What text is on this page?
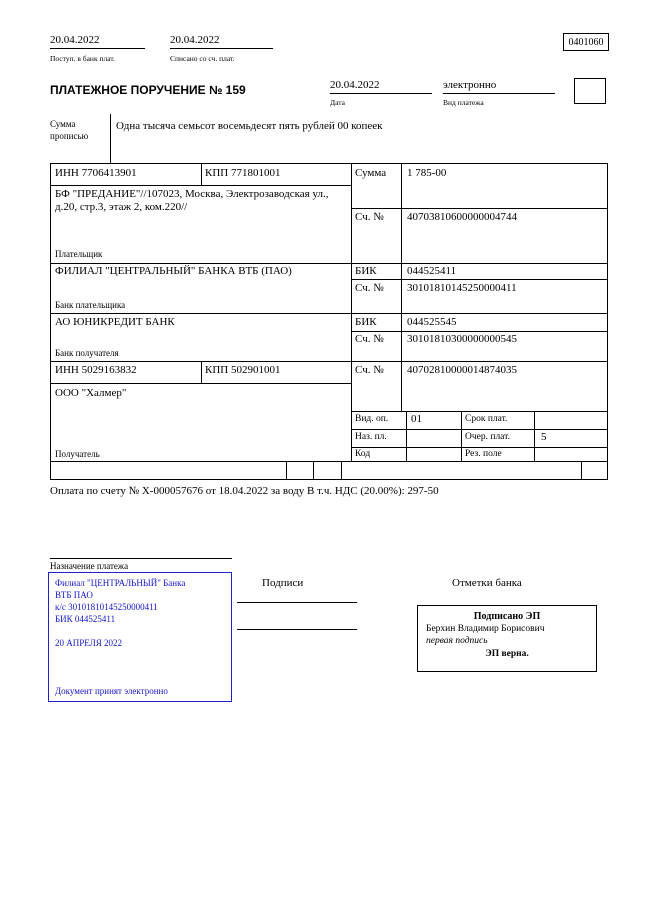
20.04.2022
Поступ. в банк плат.
20.04.2022
Списано со сч. плат.
0401060
ПЛАТЕЖНОЕ ПОРУЧЕНИЕ № 159	20.04.2022
Дата
электронно
Вид платежа
Сумма
прописью
Одна тысяча семьсот восемьдесят пять рублей 00 копеек
ИНН 7706413901	КПП 771801001	Сумма 1 785-00
БФ "ПРЕДАНИЕ"//107023, Москва, Электрозаводская ул., д.20, стр.3, этаж 2, ком.220//
Сч. № 40703810600000004744
Плательщик
ФИЛИАЛ "ЦЕНТРАЛЬНЫЙ" БАНКА ВТБ (ПАО)	БИК	044525411
Сч. № 30101810145250000411
Банк плательщика
АО ЮНИКРЕДИТ БАНК	БИК	044525545
Сч. № 30101810300000000545
Банк получателя
ИНН 5029163832	КПП 502901001	Сч. № 40702810000014874035
ООО "Халмер"
Получатель
Вид. оп. 01	Срок плат.
Наз. пл.	Очер. плат.	5
Код	Рез. поле
Оплата по счету № Х-000057676 от 18.04.2022 за воду В т.ч. НДС (20.00%): 297-50
Назначение платежа
Филиал "ЦЕНТРАЛЬНЫЙ" Банка
ВТБ ПАО
к/с 30101810145250000411
БИК 044525411
20 АПРЕЛЯ 2022
Документ принят электронно
Подписи	Отметки банка
Подписано ЭП
Берхин Владимир Борисович
первая подпись
ЭП верна.
